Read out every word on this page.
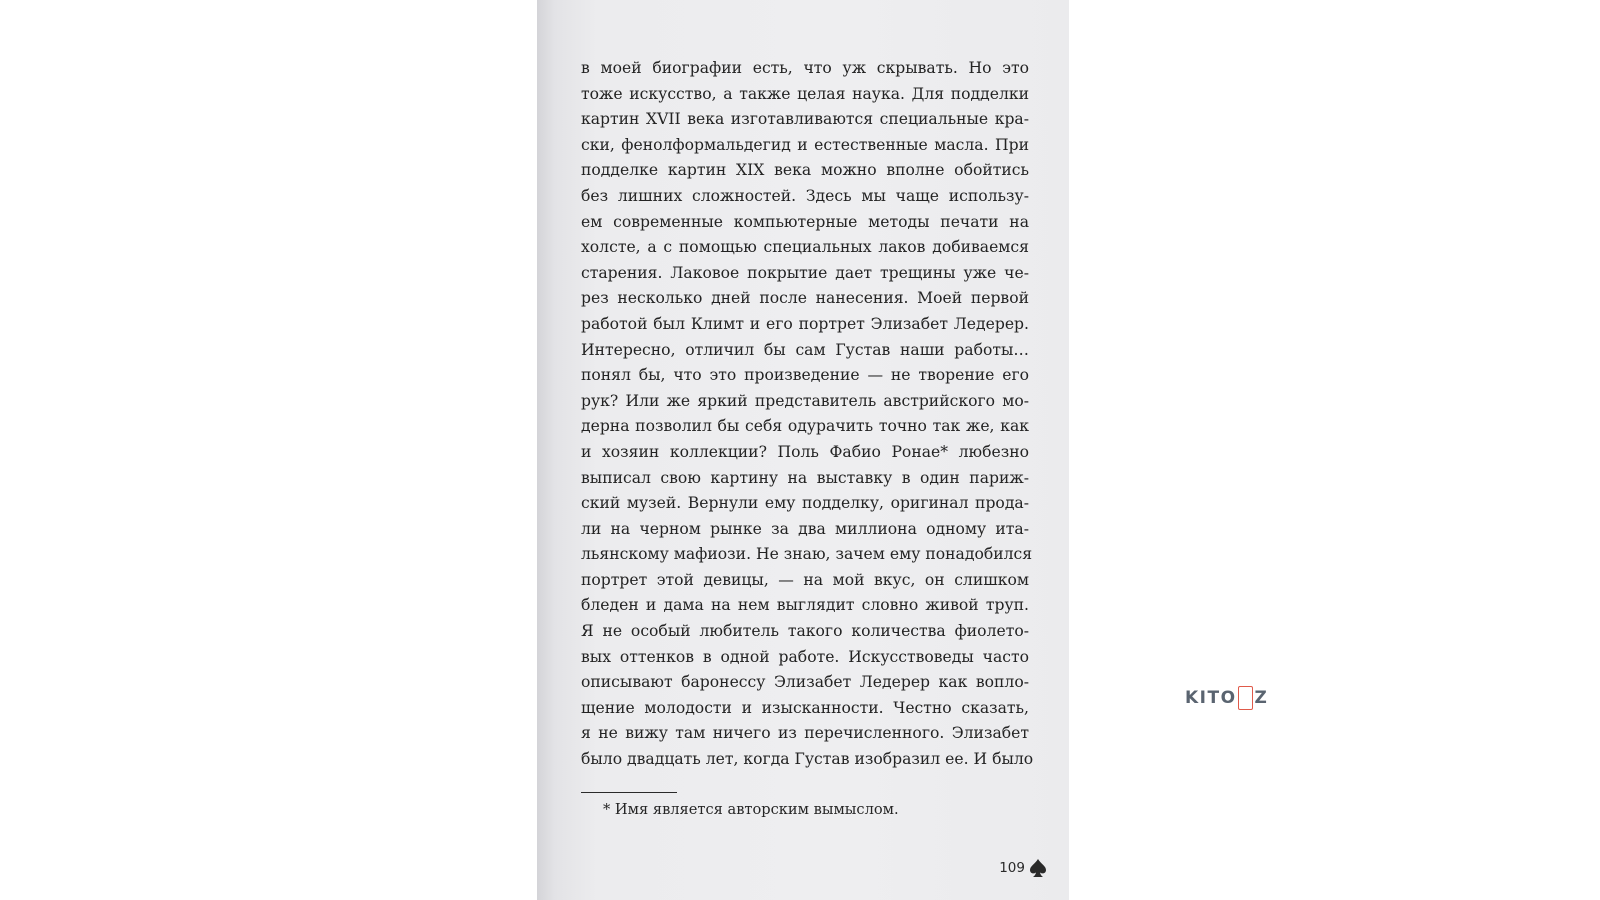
в моей биографии есть, что уж скрывать. Но это
тоже искусство, а также целая наука. Для подделки
картин XVII века изготавливаются специальные кра-
ски, фенолформальдегид и естественные масла. При
подделке картин XIX века можно вполне обойтись
без лишних сложностей. Здесь мы чаще использу-
ем современные компьютерные методы печати на
холсте, а с помощью специальных лаков добиваемся
старения. Лаковое покрытие дает трещины уже че-
рез несколько дней после нанесения. Моей первой
работой был Климт и его портрет Элизабет Ледерер.
Интересно, отличил бы сам Густав наши работы…
понял бы, что это произведение — не творение его
рук? Или же яркий представитель австрийского мо-
дерна позволил бы себя одурачить точно так же, как
и хозяин коллекции? Поль Фабио Ронае* любезно
выписал свою картину на выставку в один париж-
ский музей. Вернули ему подделку, оригинал прода-
ли на черном рынке за два миллиона одному ита-
льянскому мафиози. Не знаю, зачем ему понадобился
портрет этой девицы, — на мой вкус, он слишком
бледен и дама на нем выглядит словно живой труп.
Я не особый любитель такого количества фиолето-
вых оттенков в одной работе. Искусствоведы часто
описывают баронессу Элизабет Ледерер как вопло-
щение молодости и изысканности. Честно сказать,
я не вижу там ничего из перечисленного. Элизабет
было двадцать лет, когда Густав изобразил ее. И было
* Имя является авторским вымыслом.
109
KITO Z
